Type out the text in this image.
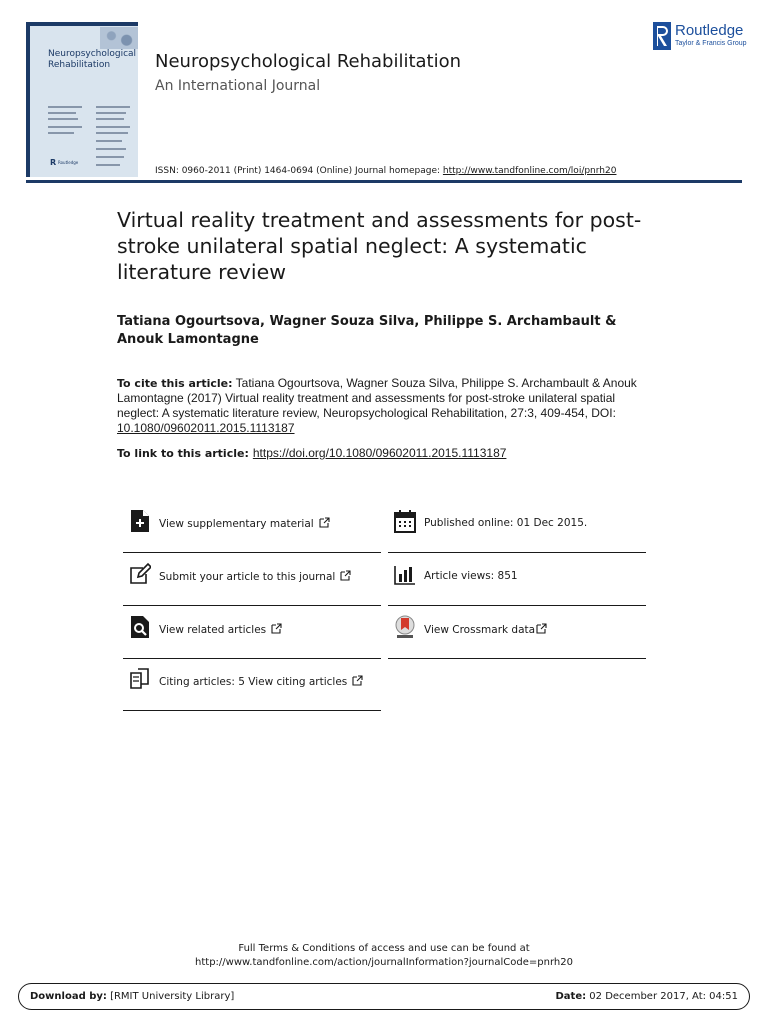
Neuropsychological Rehabilitation
R Routledge
Neuropsychological Rehabilitation
An International Journal
ISSN: 0960-2011 (Print) 1464-0694 (Online) Journal homepage: http://www.tandfonline.com/loi/pnrh20
Routledge
Taylor & Francis Group
Virtual reality treatment and assessments for post-stroke unilateral spatial neglect: A systematic literature review
Tatiana Ogourtsova, Wagner Souza Silva, Philippe S. Archambault & Anouk Lamontagne
To cite this article: Tatiana Ogourtsova, Wagner Souza Silva, Philippe S. Archambault & Anouk Lamontagne (2017) Virtual reality treatment and assessments for post-stroke unilateral spatial neglect: A systematic literature review, Neuropsychological Rehabilitation, 27:3, 409-454, DOI: 10.1080/09602011.2015.1113187
To link to this article: https://doi.org/10.1080/09602011.2015.1113187
View supplementary material	Published online: 01 Dec 2015.
Submit your article to this journal	Article views: 851
View related articles	View Crossmark data
Citing articles: 5 View citing articles
Full Terms & Conditions of access and use can be found at
http://www.tandfonline.com/action/journalInformation?journalCode=pnrh20
Download by: [RMIT University Library]	Date: 02 December 2017, At: 04:51
